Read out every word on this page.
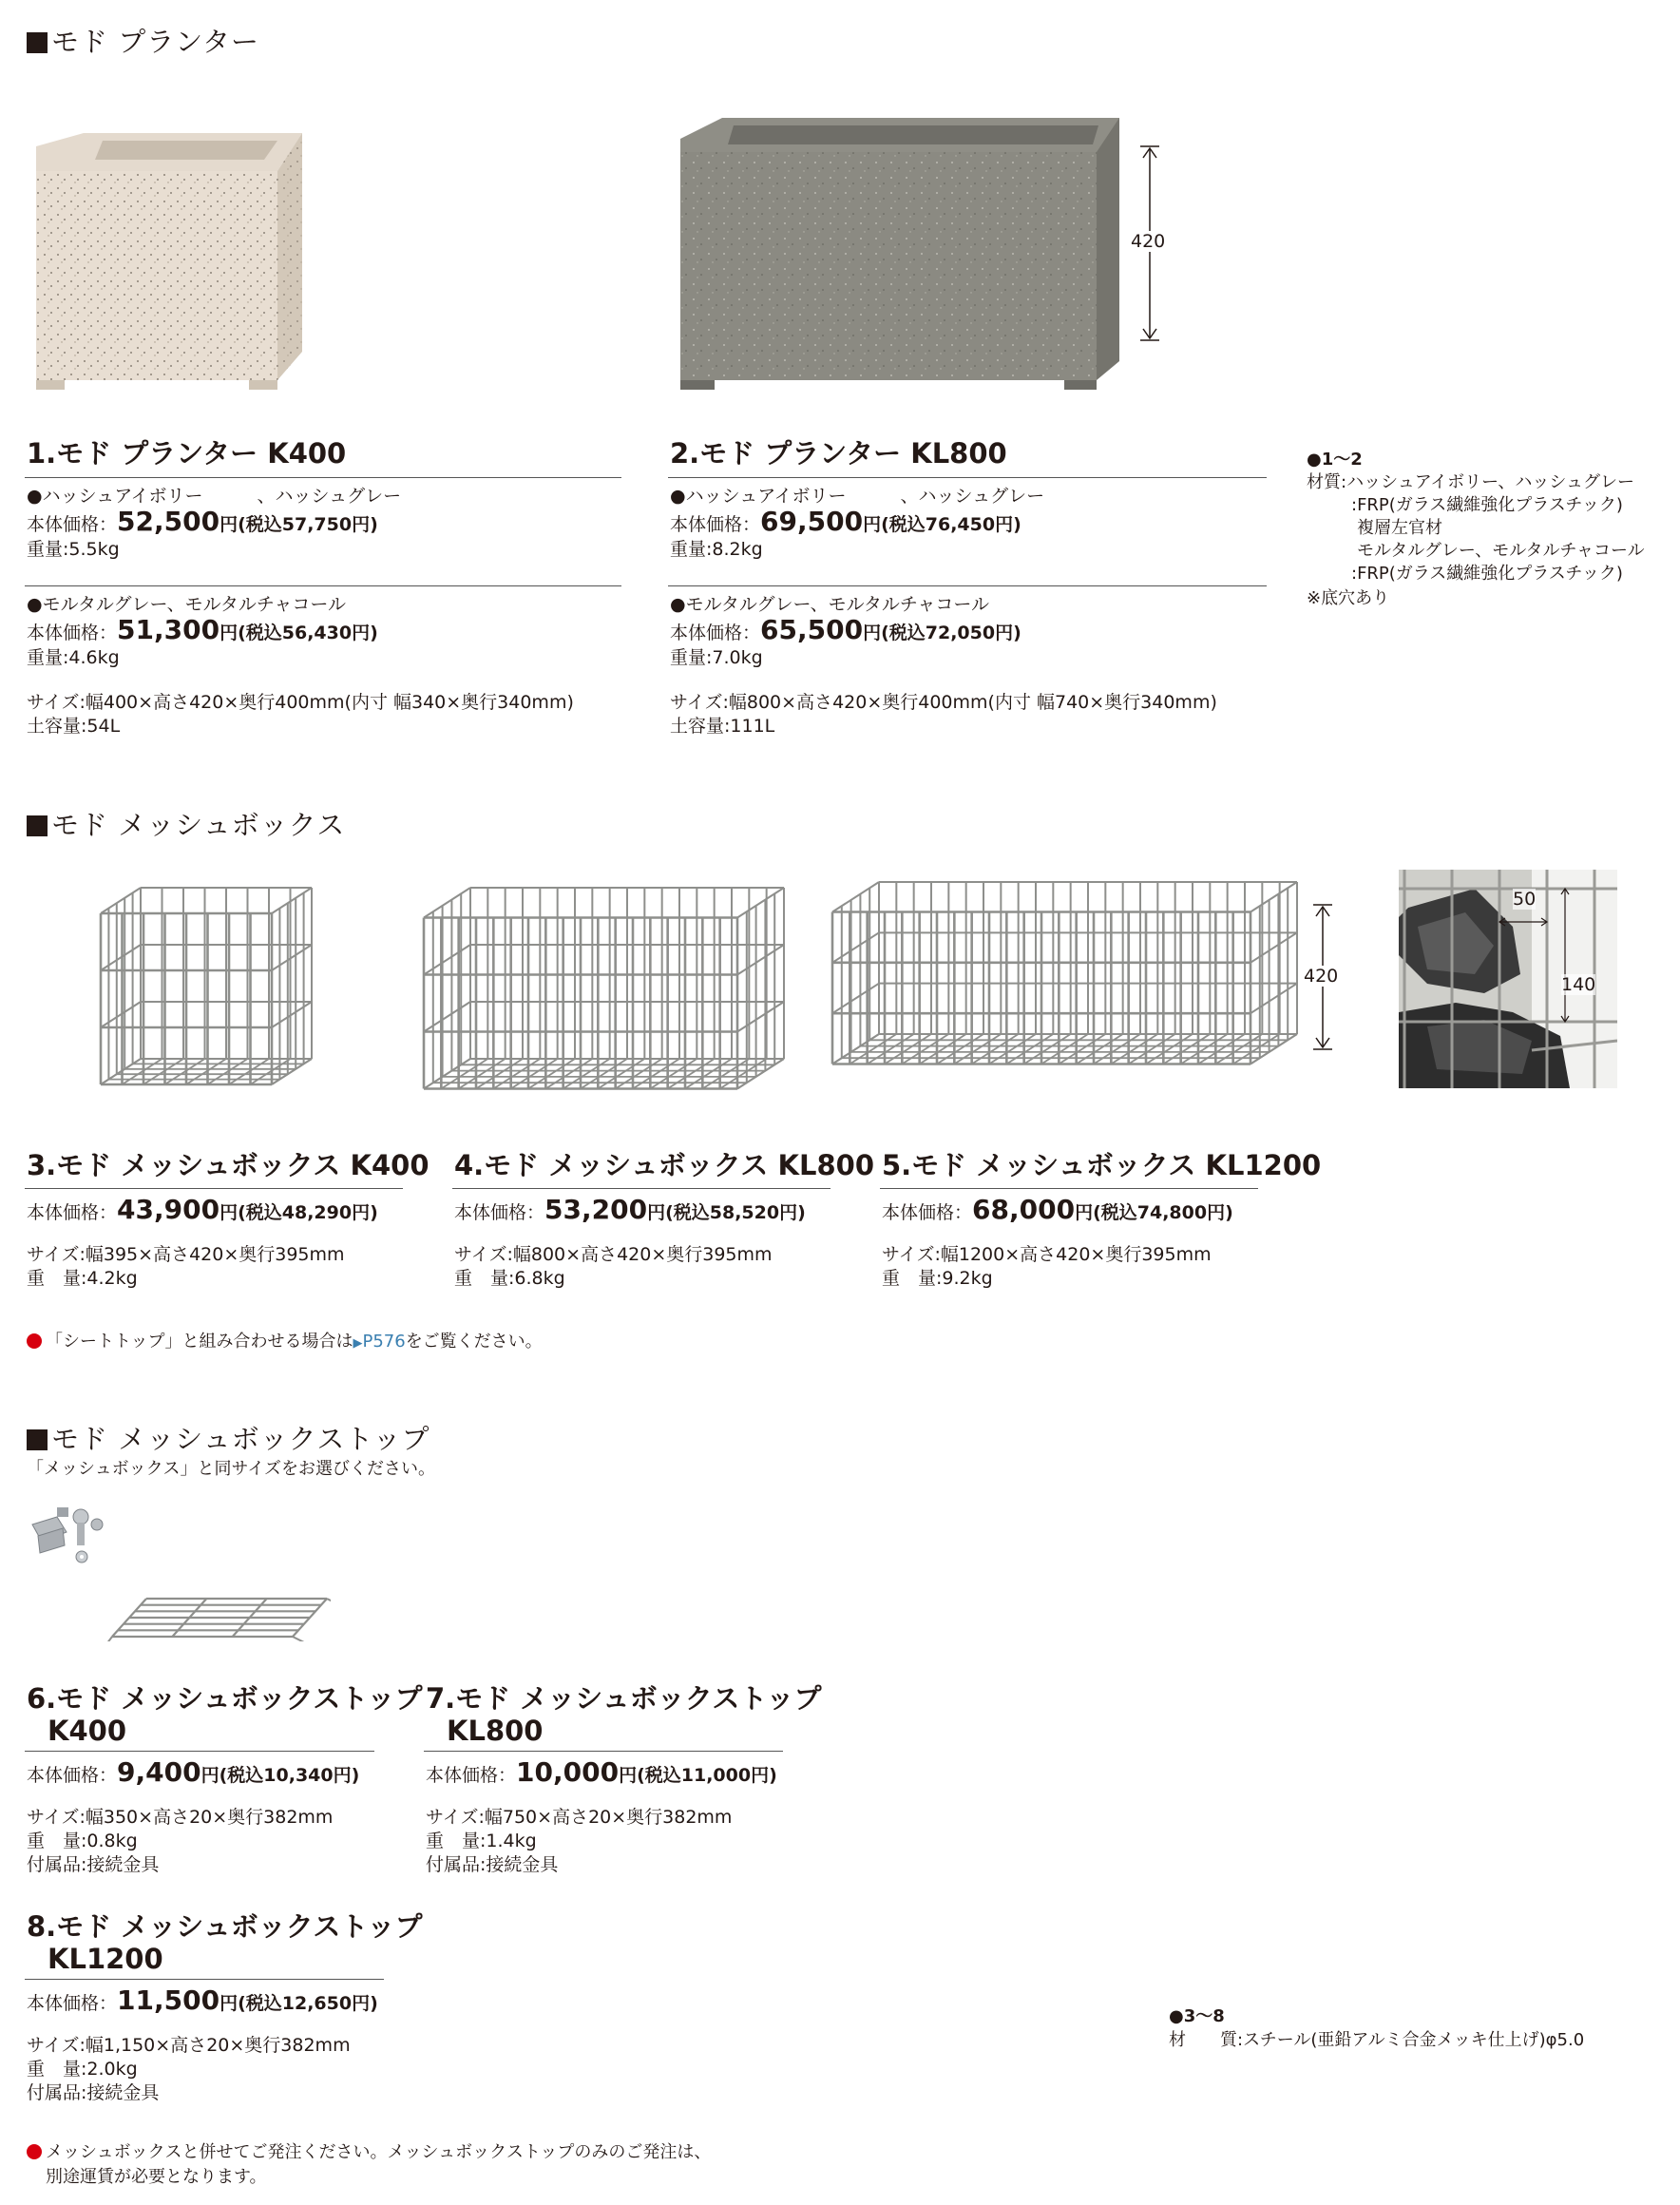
モド プランター
420
1.モド プランター K400
●ハッシュアイボリー　　　、ハッシュグレー
本体価格： 52,500 円 (税込57,750円)
重量:5.5kg
●モルタルグレー、モルタルチャコール
本体価格： 51,300 円 (税込56,430円)
重量:4.6kg
サイズ:幅400×高さ420×奥行400mm(内寸 幅340×奥行340mm)
土容量:54L
2.モド プランター KL800
●ハッシュアイボリー　　　、ハッシュグレー
本体価格： 69,500 円 (税込76,450円)
重量:8.2kg
●モルタルグレー、モルタルチャコール
本体価格： 65,500 円 (税込72,050円)
重量:7.0kg
サイズ:幅800×高さ420×奥行400mm(内寸 幅740×奥行340mm)
土容量:111L
●1〜2
材質:ハッシュアイボリー、ハッシュグレー
:FRP(ガラス繊維強化プラスチック)
複層左官材
モルタルグレー、モルタルチャコール
:FRP(ガラス繊維強化プラスチック)
※底穴あり
モド メッシュボックス
420
50
140
3.モド メッシュボックス K400
本体価格： 43,900 円 (税込48,290円)
サイズ:幅395×高さ420×奥行395mm
重　量:4.2kg
4.モド メッシュボックス KL800
本体価格： 53,200 円 (税込58,520円)
サイズ:幅800×高さ420×奥行395mm
重　量:6.8kg
5.モド メッシュボックス KL1200
本体価格： 68,000 円 (税込74,800円)
サイズ:幅1200×高さ420×奥行395mm
重　量:9.2kg
「シートトップ」と組み合わせる場合は▶P576をご覧ください。
モド メッシュボックストップ
「メッシュボックス」と同サイズをお選びください。
6.モド メッシュボックストップ
K400
本体価格： 9,400 円 (税込10,340円)
サイズ:幅350×高さ20×奥行382mm
重　量:0.8kg
付属品:接続金具
7.モド メッシュボックストップ
KL800
本体価格： 10,000 円 (税込11,000円)
サイズ:幅750×高さ20×奥行382mm
重　量:1.4kg
付属品:接続金具
8.モド メッシュボックストップ
KL1200
本体価格： 11,500 円 (税込12,650円)
サイズ:幅1,150×高さ20×奥行382mm
重　量:2.0kg
付属品:接続金具
●3〜8
材　　質:スチール(亜鉛アルミ合金メッキ仕上げ)φ5.0
メッシュボックスと併せてご発注ください。メッシュボックストップのみのご発注は、
別途運賃が必要となります。
